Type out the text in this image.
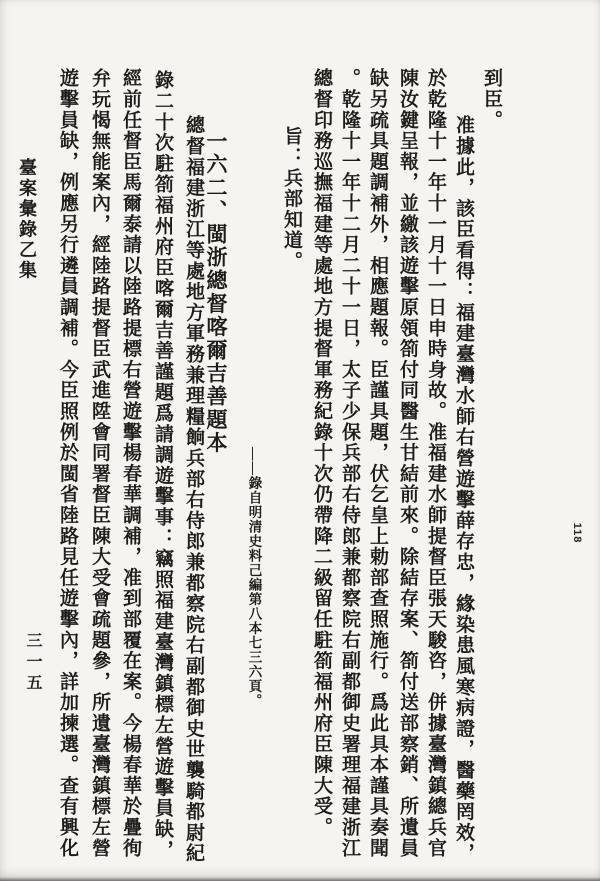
到臣。

准據此，該臣看得：福建臺灣水師右營遊擊薛存忠，緣染患風寒病證，醫藥罔效，

於乾隆十一年十一月十一日申時身故。准福建水師提督臣張天駿咨，併據臺灣鎮總兵官

陳汝鍵呈報，並繳該遊擊原領箚付同醫生甘結前來。除結存案、箚付送部察銷、所遺員

缺另疏具題調補外，相應題報。臣謹具題，伏乞皇上勅部查照施行。爲此具本謹具奏聞

。乾隆十一年十二月二十一日，太子少保兵部右侍郎兼都察院右副都御史署理福建浙江

總督印務巡撫福建等處地方提督軍務紀錄十次仍帶降二級留任駐箚福州府臣陳大受。

旨：兵部知道。

——錄自明清史料己編第八本七三六頁。

一六二、閩浙總督喀爾吉善題本

總督福建浙江等處地方軍務兼理糧餉兵部右侍郎兼都察院右副都御史世襲騎都尉紀

錄二十次駐箚福州府臣喀爾吉善謹題爲請調遊擊事：竊照福建臺灣鎮標左營遊擊員缺，

經前任督臣馬爾泰請以陸路提標右營遊擊楊春華調補，准到部覆在案。今楊春華於疊徇

弁玩愒無能案內，經陸路提督臣武進陞會同署督臣陳大受會疏題參，所遺臺灣鎮標左營

遊擊員缺，例應另行遴員調補。今臣照例於閩省陸路見任遊擊內，詳加揀選。查有興化

臺案彙錄乙集

三一五

118
